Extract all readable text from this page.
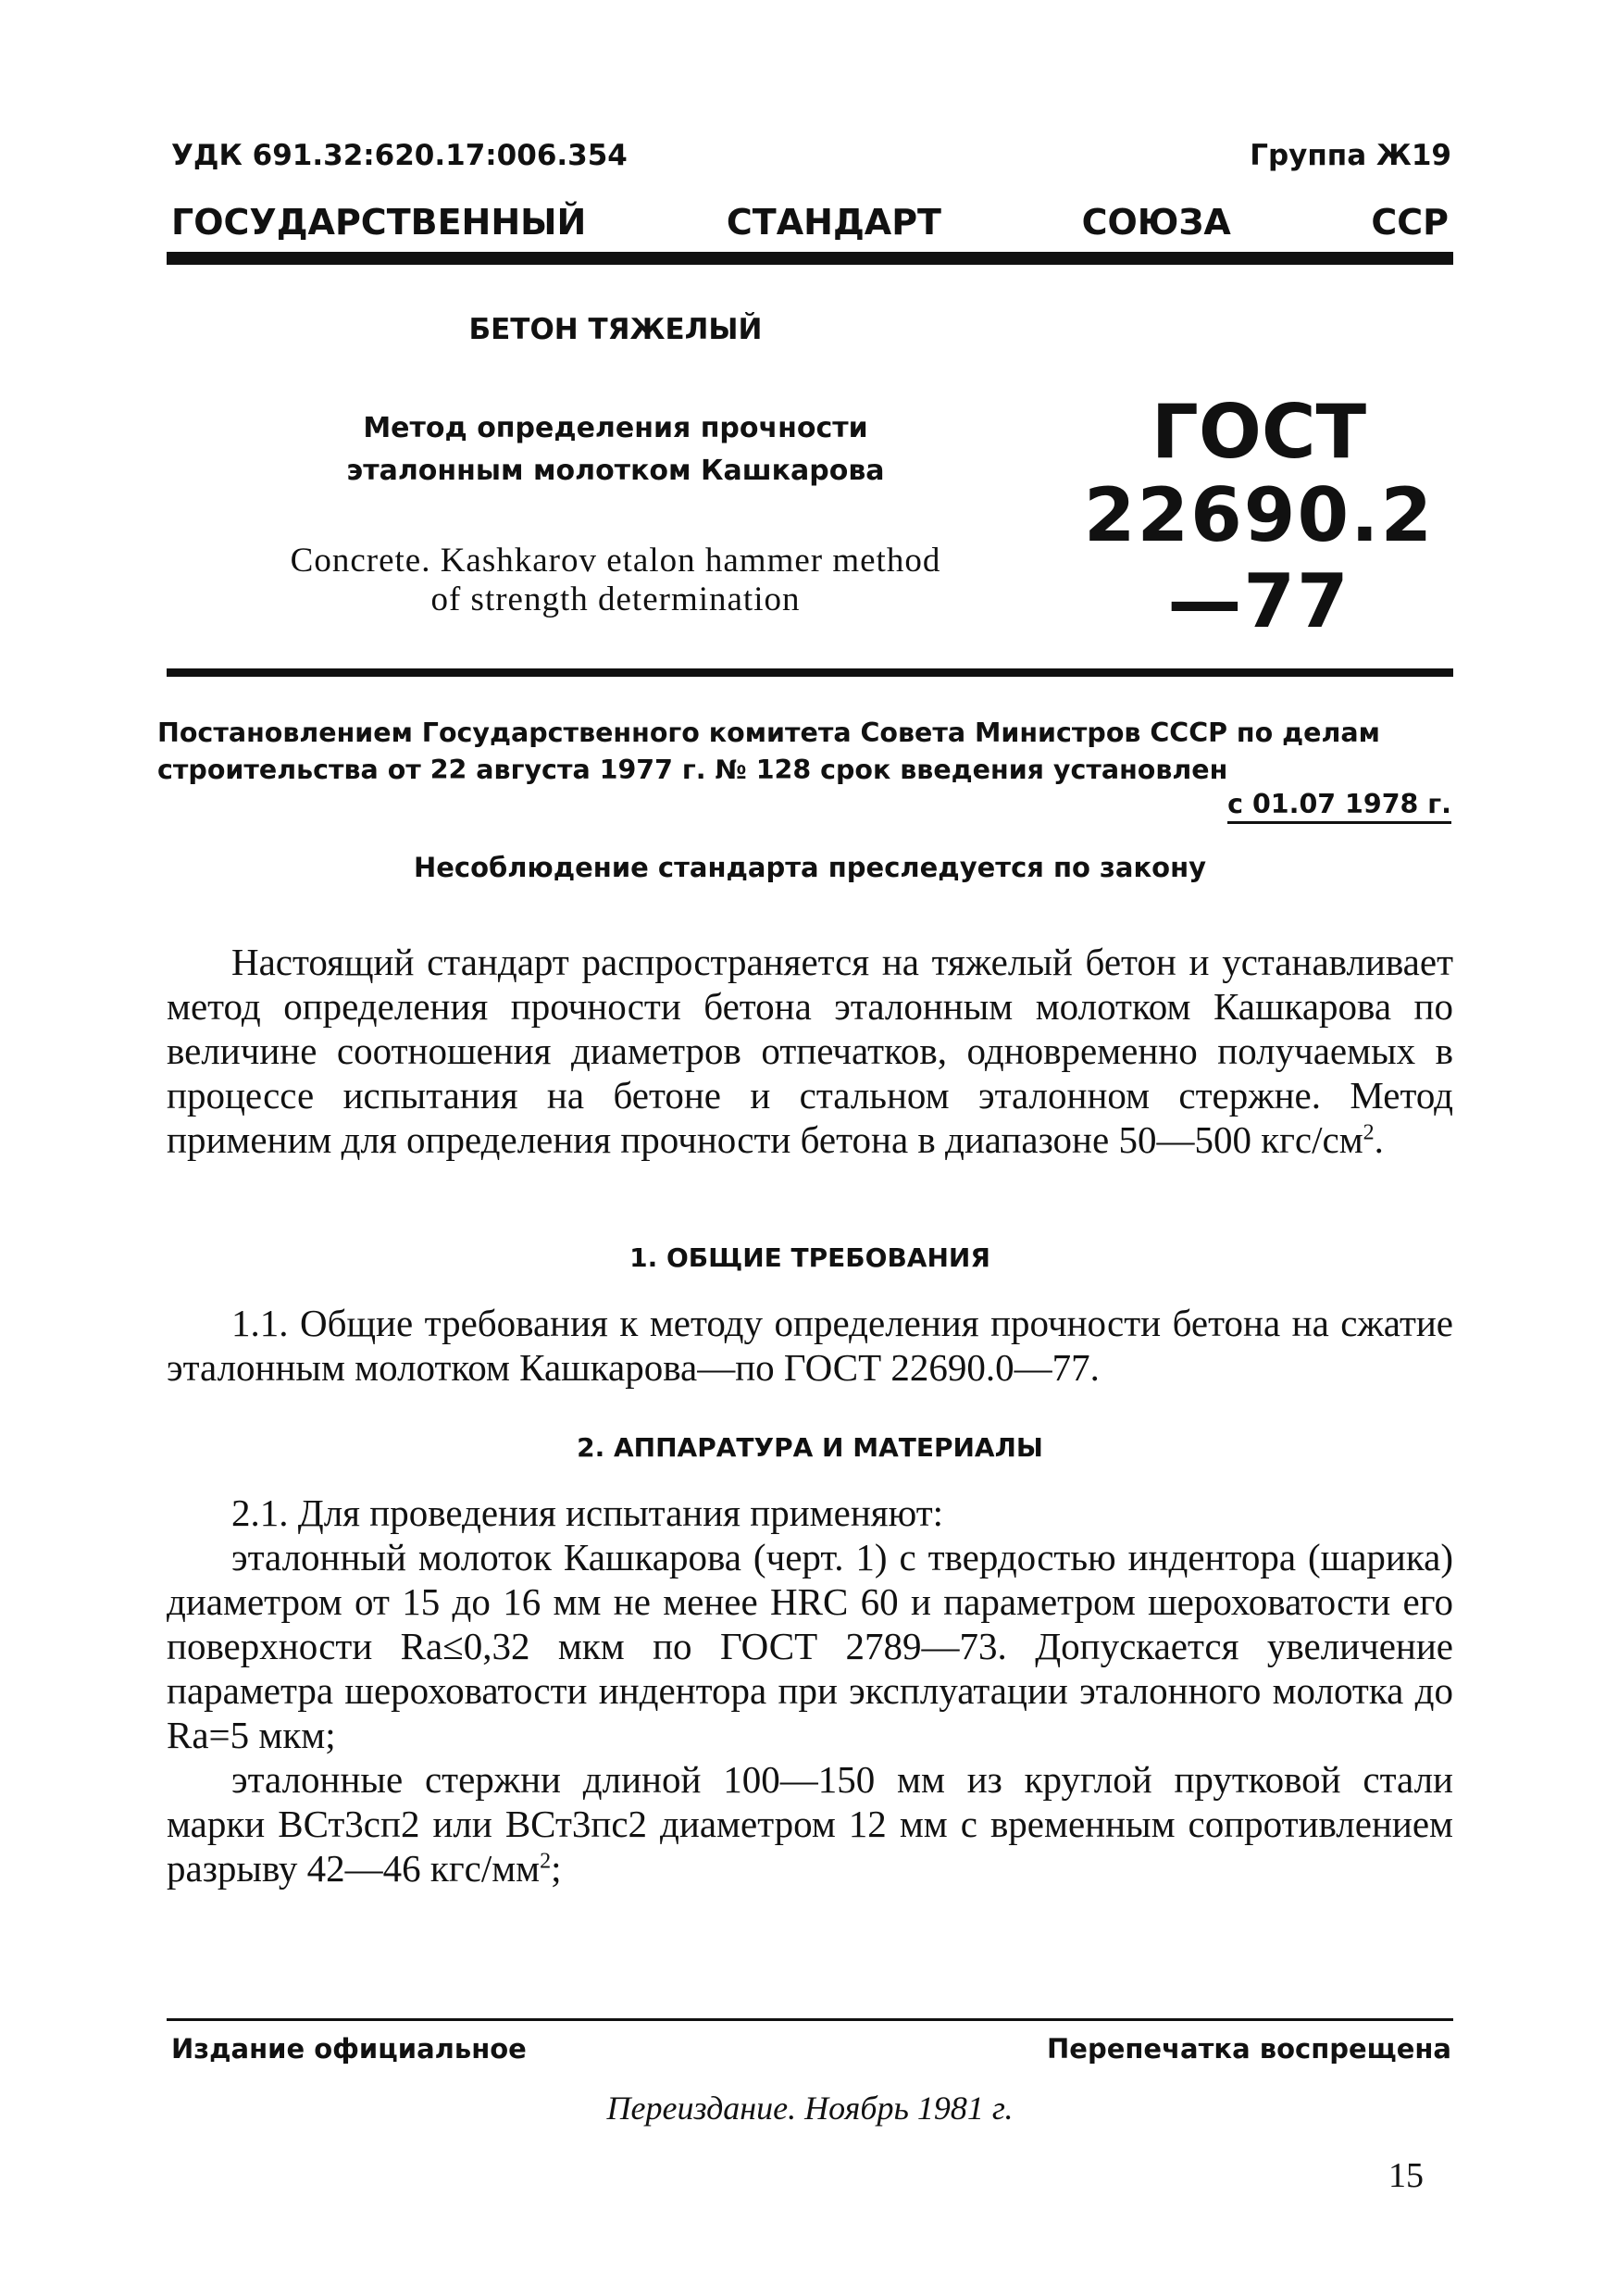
УДК 691.32:620.17:006.354	Группа Ж19
ГОСУДАРСТВЕННЫЙ	СТАНДАРТ	СОЮЗА	ССР
БЕТОН ТЯЖЕЛЫЙ
Метод определения прочности
эталонным молотком Кашкарова
Concrete. Kashkarov etalon hammer method
of strength determination
ГОСТ
22690.2—77
Постановлением Государственного комитета Совета Министров СССР по делам строительства от 22 августа 1977 г. № 128 срок введения установлен
с 01.07 1978 г.
Несоблюдение стандарта преследуется по закону

Настоящий стандарт распространяется на тяжелый бетон и устанавливает метод определения прочности бетона эталонным молотком Кашкарова по величине соотношения диаметров отпечатков, одновременно получаемых в процессе испытания на бетоне и стальном эталонном стержне. Метод применим для определения прочности бетона в диапазоне 50—500 кгс/$см^2$.

1. ОБЩИЕ ТРЕБОВАНИЯ

1.1. Общие требования к методу определения прочности бетона на сжатие эталонным молотком Кашкарова—по ГОСТ 22690.0—77.

2. АППАРАТУРА И МАТЕРИАЛЫ
2.1. Для проведения испытания применяют:
эталонный молоток Кашкарова (черт. 1) с твердостью индентора (шарика) диаметром от 15 до 16 мм не менее HRC 60 и параметром шероховатости его поверхности Ra≤0,32 мкм по ГОСТ 2789—73. Допускается увеличение параметра шероховатости индентора при эксплуатации эталонного молотка до Ra=5 мкм;
эталонные стержни длиной 100—150 мм из круглой прутковой стали марки ВСт3сп2 или ВСт3пс2 диаметром 12 мм с временным сопротивлением разрыву 42—46 кгс/$мм^2$;
Издание официальное	Перепечатка воспрещена
Переиздание. Ноябрь 1981 г.
15
